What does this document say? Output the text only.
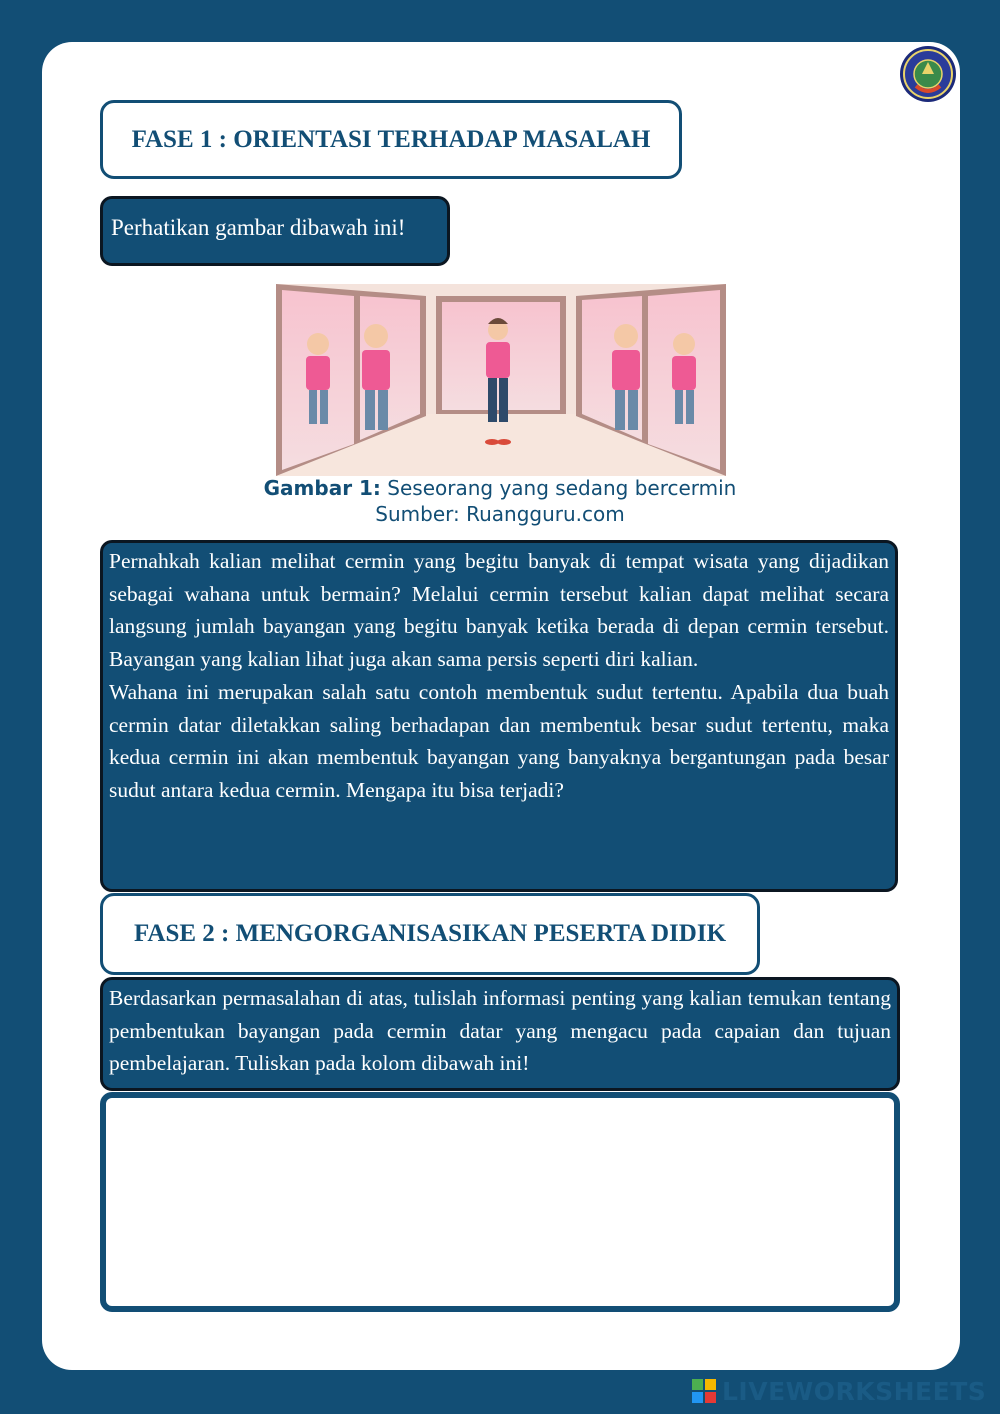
FASE 1 : ORIENTASI TERHADAP MASALAH
Perhatikan gambar dibawah ini!
Gambar 1: Seseorang yang sedang bercermin
Sumber: Ruangguru.com
Pernahkah kalian melihat cermin yang begitu banyak di tempat wisata yang dijadikan sebagai wahana untuk bermain? Melalui cermin tersebut kalian dapat melihat secara langsung jumlah bayangan yang begitu banyak ketika berada di depan cermin tersebut. Bayangan yang kalian lihat juga akan sama persis seperti diri kalian.
Wahana ini merupakan salah satu contoh membentuk sudut tertentu. Apabila dua buah cermin datar diletakkan saling berhadapan dan membentuk besar sudut tertentu, maka kedua cermin ini akan membentuk bayangan yang banyaknya bergantungan pada besar sudut antara kedua cermin. Mengapa itu bisa terjadi?
FASE 2 : MENGORGANISASIKAN PESERTA DIDIK
Berdasarkan permasalahan di atas, tulislah informasi penting yang kalian temukan tentang pembentukan bayangan pada cermin datar yang mengacu pada capaian dan tujuan pembelajaran. Tuliskan pada kolom dibawah ini!
LIVEWORKSHEETS
